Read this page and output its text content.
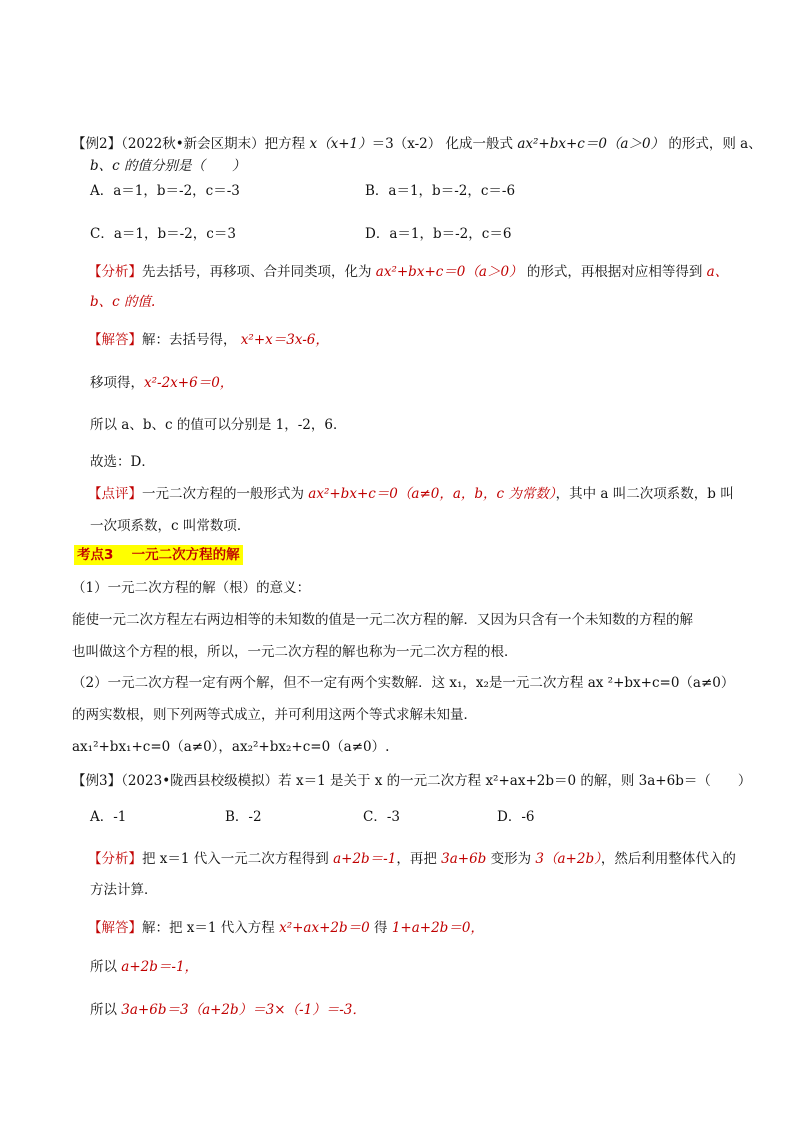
【例2】（2022秋•新会区期末）把方程 x（x+1）＝3（x-2） 化成一般式 ax²+bx+c＝0（a＞0） 的形式，则 a、
b、c 的值分别是（　　）
A．a＝1，b＝-2，c＝-3	B．a＝1，b＝-2，c＝-6
C．a＝1，b＝-2，c＝3	D．a＝1，b＝-2，c＝6
【分析】先去括号，再移项、合并同类项，化为 ax²+bx+c＝0（a＞0） 的形式，再根据对应相等得到 a、
b、c 的值.
【解答】解：去括号得， x²+x＝3x-6，
移项得，x²-2x+6＝0，
所以 a、b、c 的值可以分别是 1，-2，6．
故选：D．
【点评】一元二次方程的一般形式为 ax²+bx+c＝0（a≠0，a，b，c 为常数），其中 a 叫二次项系数，b 叫
一次项系数，c 叫常数项．
考点3　 一元二次方程的解
（1）一元二次方程的解（根）的意义：
能使一元二次方程左右两边相等的未知数的值是一元二次方程的解．又因为只含有一个未知数的方程的解
也叫做这个方程的根，所以，一元二次方程的解也称为一元二次方程的根．
（2）一元二次方程一定有两个解，但不一定有两个实数解．这 x₁，x₂是一元二次方程 ax ²+bx+c=0（a≠0）
的两实数根，则下列两等式成立，并可利用这两个等式求解未知量．
ax₁²+bx₁+c=0（a≠0），ax₂²+bx₂+c=0（a≠0）.
【例3】（2023•陇西县校级模拟）若 x＝1 是关于 x 的一元二次方程 x²+ax+2b＝0 的解，则 3a+6b＝（　　）
A．-1	B．-2	C．-3	D．-6
【分析】把 x＝1 代入一元二次方程得到 a+2b＝-1，再把 3a+6b 变形为 3（a+2b），然后利用整体代入的
方法计算．
【解答】解：把 x＝1 代入方程 x²+ax+2b＝0 得 1+a+2b＝0，
所以 a+2b＝-1，
所以 3a+6b＝3（a+2b）＝3×（-1）＝-3．
